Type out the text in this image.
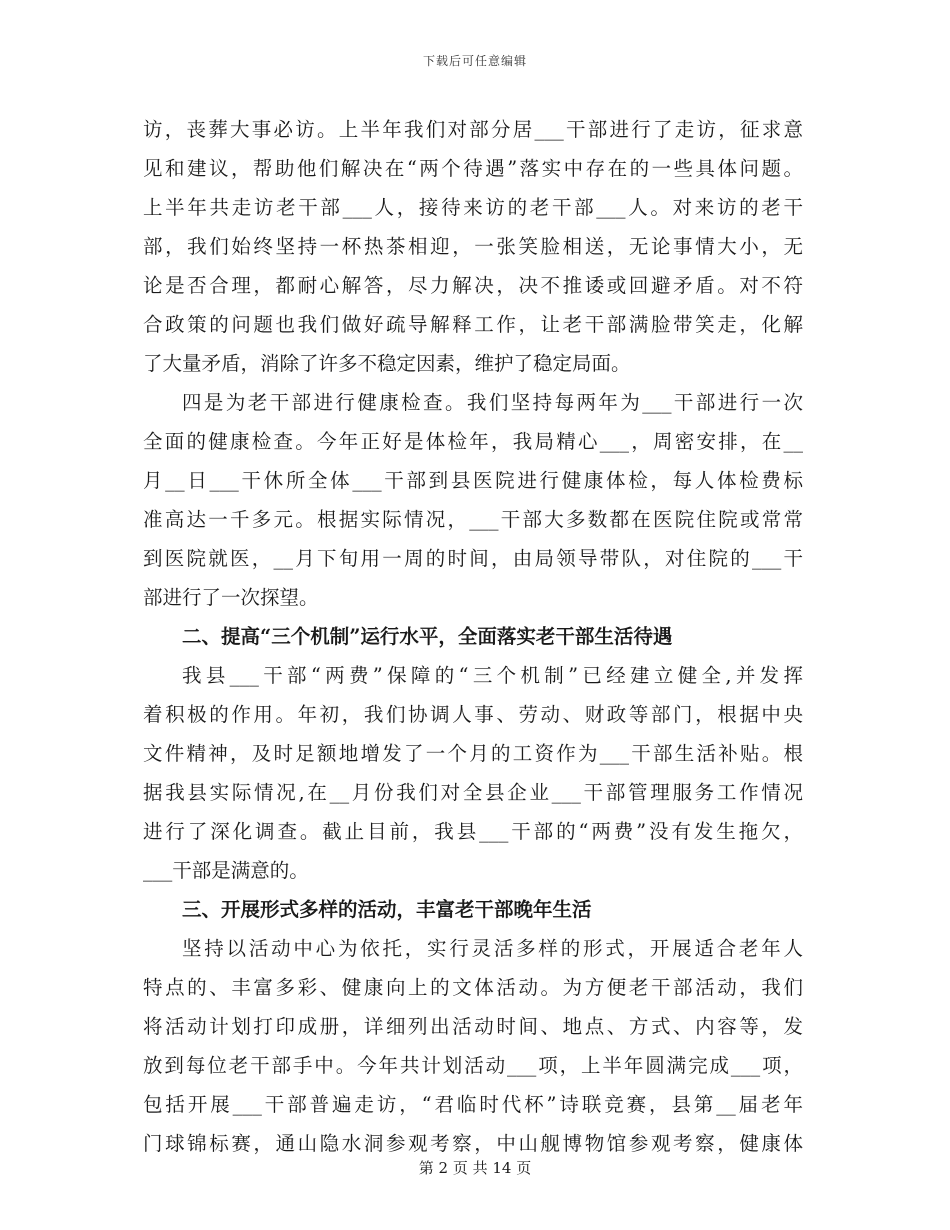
下载后可任意编辑
访，丧葬大事必访。上半年我们对部分居___干部进行了走访，征求意
见和建议，帮助他们解决在“两个待遇”落实中存在的一些具体问题。
上半年共走访老干部___人，接待来访的老干部___人。对来访的老干
部，我们始终坚持一杯热茶相迎，一张笑脸相送，无论事情大小，无
论是否合理，都耐心解答，尽力解决，决不推诿或回避矛盾。对不符
合政策的问题也我们做好疏导解释工作，让老干部满脸带笑走，化解
了大量矛盾，消除了许多不稳定因素，维护了稳定局面。
四是为老干部进行健康检查。我们坚持每两年为___干部进行一次
全面的健康检查。今年正好是体检年，我局精心___，周密安排，在__
月__日___干休所全体___干部到县医院进行健康体检，每人体检费标
准高达一千多元。根据实际情况，___干部大多数都在医院住院或常常
到医院就医，__月下旬用一周的时间，由局领导带队，对住院的___干
部进行了一次探望。
二、提高“三个机制”运行水平，全面落实老干部生活待遇
我县___干部“两费”保障的“三个机制”已经建立健全,并发挥
着积极的作用。年初，我们协调人事、劳动、财政等部门，根据中央
文件精神，及时足额地增发了一个月的工资作为___干部生活补贴。根
据我县实际情况,在__月份我们对全县企业___干部管理服务工作情况
进行了深化调查。截止目前，我县___干部的“两费”没有发生拖欠，
___干部是满意的。
三、开展形式多样的活动，丰富老干部晚年生活
坚持以活动中心为依托，实行灵活多样的形式，开展适合老年人
特点的、丰富多彩、健康向上的文体活动。为方便老干部活动，我们
将活动计划打印成册，详细列出活动时间、地点、方式、内容等，发
放到每位老干部手中。今年共计划活动___项，上半年圆满完成___项，
包括开展___干部普遍走访，“君临时代杯”诗联竞赛，县第__届老年
门球锦标赛，通山隐水洞参观考察，中山舰博物馆参观考察，健康体
第 2 页 共 14 页
